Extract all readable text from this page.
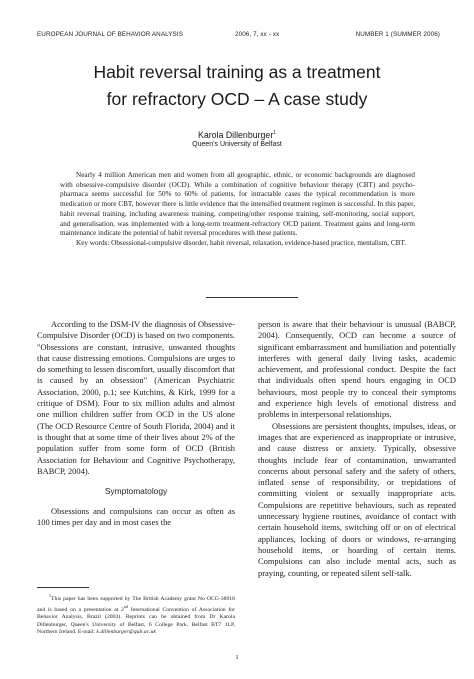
EUROPEAN JOURNAL OF BEHAVIOR ANALYSIS	2006, 7, xx - xx	NUMBER 1 (SUMMER 2006)
Habit reversal training as a treatment
for refractory OCD – A case study
Karola Dillenburger$^1$
Queen's University of Belfast

Nearly 4 million American men and women from all geographic, ethnic, or economic backgrounds are diagnosed with obsessive-compulsive disorder (OCD). While a combination of cognitive behaviour therapy (CBT) and psycho-pharmaca seems successful for 50% to 60% of patients, for intractable cases the typical recommendation is more medication or more CBT, however there is little evidence that the intensified treatment regimen is successful. In this paper, habit reversal training, including awareness training, competing/other response training, self-monitoring, social support, and generalisation, was implemented with a long-term treatment-refractory OCD patient. Treatment gains and long-term maintenance indicate the potential of habit reversal procedures with these patients.

Key words: Obsessional-compulsive disorder, habit reversal, relaxation, evidence-based practice, mentalism, CBT.

According to the DSM-IV the diagnosis of Obsessive-Compulsive Disorder (OCD) is based on two components. "Obsessions are constant, intrusive, unwanted thoughts that cause distressing emotions. Compulsions are urges to do something to lessen discomfort, usually discomfort that is caused by an obsession" (American Psychiatric Association, 2000, p.1; see Kutchins, & Kirk, 1999 for a critique of DSM). Four to six million adults and almost one million children suffer from OCD in the US alone (The OCD Resource Centre of South Florida, 2004) and it is thought that at some time of their lives about 2% of the population suffer from some form of OCD (British Association for Behaviour and Cognitive Psychotherapy, BABCP, 2004).

Symptomatology

Obsessions and compulsions can occur as often as 100 times per day and in most cases the

person is aware that their behaviour is unusual (BABCP, 2004). Consequently, OCD can become a source of significant embarrassment and humiliation and potentially interferes with general daily living tasks, academic achievement, and professional conduct. Despite the fact that individuals often spend hours engaging in OCD behaviours, most people try to conceal their symptoms and experience high levels of emotional distress and problems in interpersonal relationships.

Obsessions are persistent thoughts, impulses, ideas, or images that are experienced as inappropriate or intrusive, and cause distress or anxiety. Typically, obsessive thoughts include fear of contamination, unwarranted concerns about personal safety and the safety of others, inflated sense of responsibility, or trepidations of committing violent or sexually inappropriate acts. Compulsions are repetitive behaviours, such as repeated unnecessary hygiene routines, avoidance of contact with certain household items, switching off or on of electrical appliances, locking of doors or windows, re-arranging household items, or hoarding of certain items. Compulsions can also include mental acts, such as praying, counting, or repeated silent self-talk.

$^1$This paper has been supported by The British Academy grant No OCG-38918 and is based on a presentation at 2nd International Convention of Association for Behavior Analysis, Brazil (2003). Reprints can be obtained from Dr Karola Dillenburger, Queen's University of Belfast, 6 College Park, Belfast BT7 1LP, Northern Ireland. E-mail: k.dillenburger@qub.ac.uk

1
